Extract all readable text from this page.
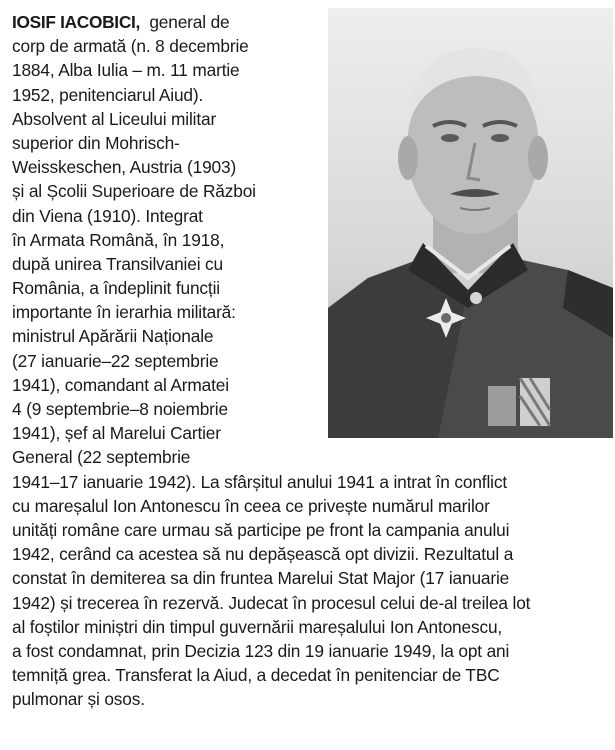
IOSIF IACOBICI, general de
corp de armată (n. 8 decembrie
1884, Alba Iulia – m. 11 martie
1952, penitenciarul Aiud).
Absolvent al Liceului militar
superior din Mohrisch-
Weisskeschen, Austria (1903)
și al Școlii Superioare de Război
din Viena (1910). Integrat
în Armata Română, în 1918,
după unirea Transilvaniei cu
România, a îndeplinit funcții
importante în ierarhia militară:
ministrul Apărării Naționale
(27 ianuarie–22 septembrie
1941), comandant al Armatei
4 (9 septembrie–8 noiembrie
1941), șef al Marelui Cartier
General (22 septembrie
1941–17 ianuarie 1942). La sfârșitul anului 1941 a intrat în conflict
cu mareșalul Ion Antonescu în ceea ce privește numărul marilor
unități române care urmau să participe pe front la campania anului
1942, cerând ca acestea să nu depășească opt divizii. Rezultatul a
constat în demiterea sa din fruntea Marelui Stat Major (17 ianuarie
1942) și trecerea în rezervă. Judecat în procesul celui de-al treilea lot
al foștilor miniștri din timpul guvernării mareșalului Ion Antonescu,
a fost condamnat, prin Decizia 123 din 19 ianuarie 1949, la opt ani
temniță grea. Transferat la Aiud, a decedat în penitenciar de TBC
pulmonar și osos.
